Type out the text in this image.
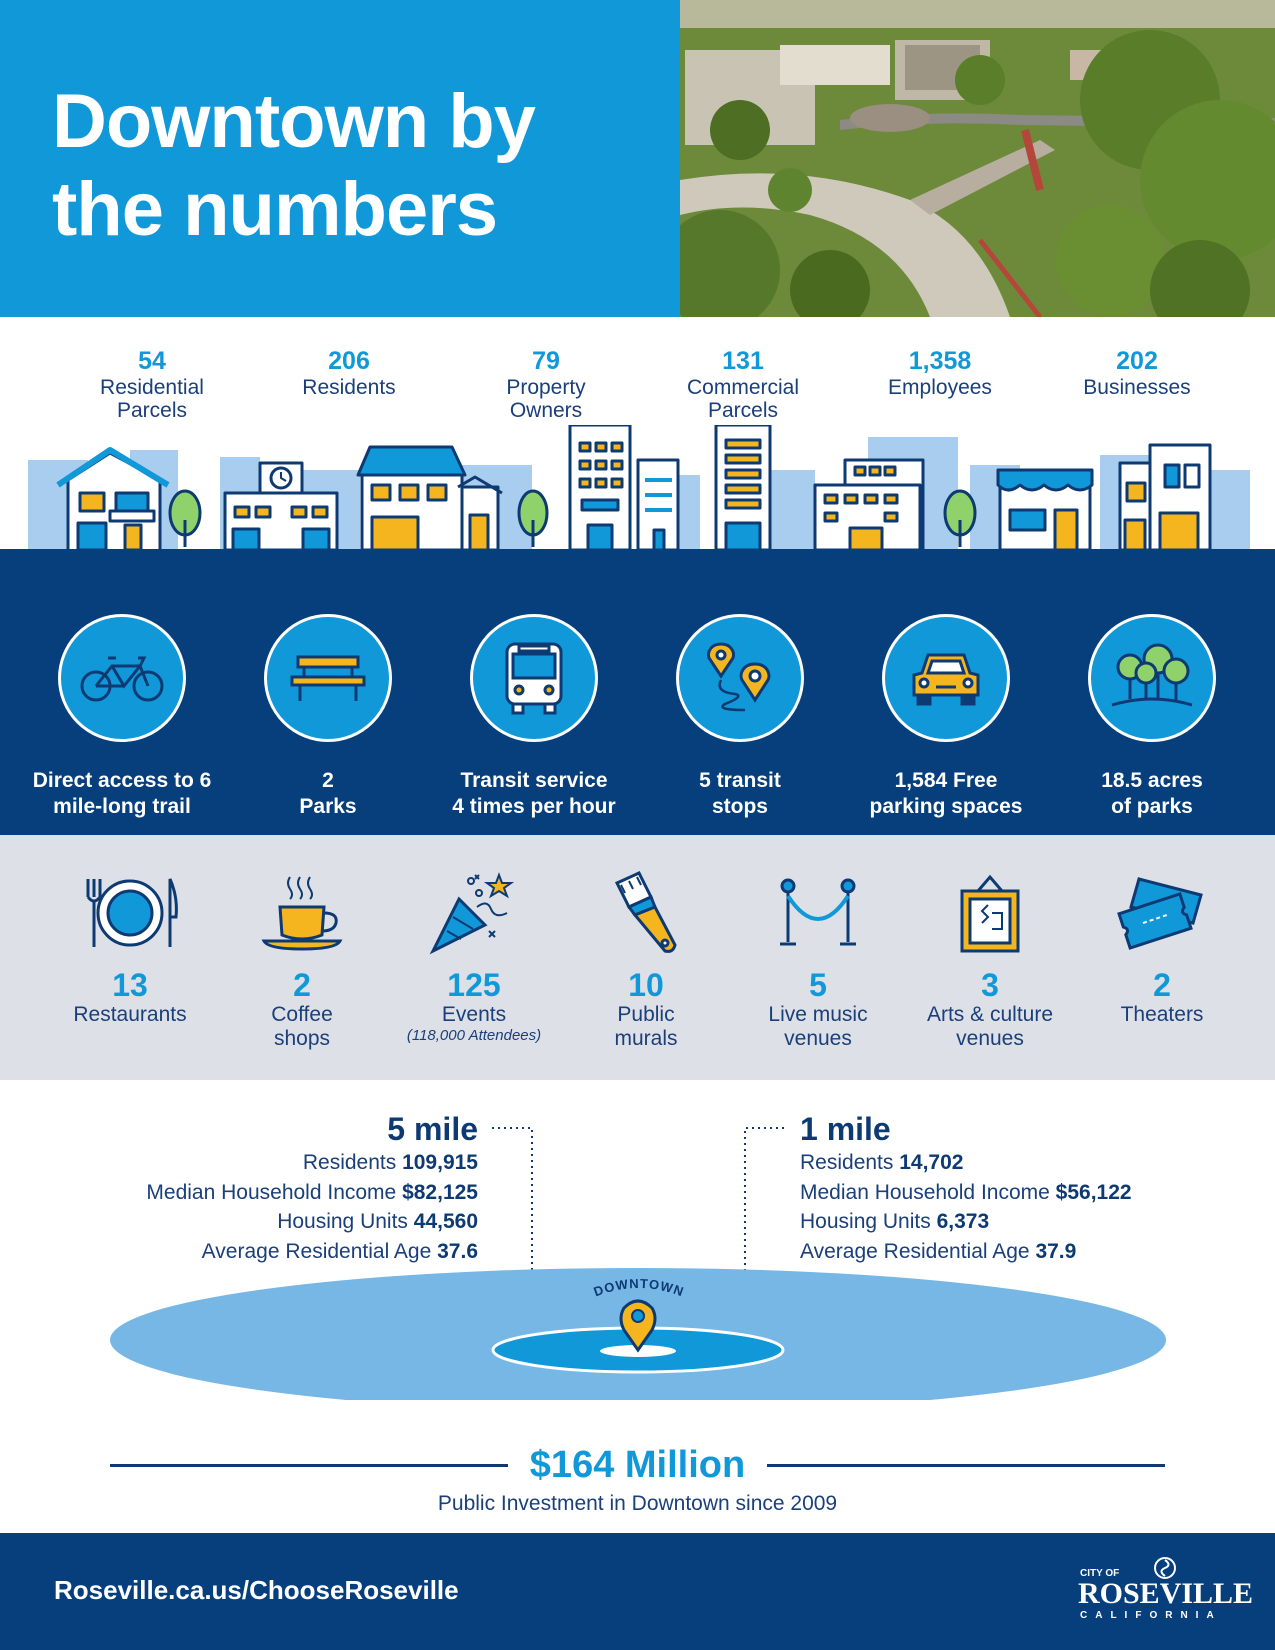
Downtown by
the numbers
54
Residential
Parcels
206
Residents
79
Property
Owners
131
Commercial
Parcels
1,358
Employees
202
Businesses
Direct access to 6
mile-long trail
2
Parks
Transit service
4 times per hour
5 transit
stops
1,584 Free
parking spaces
18.5 acres
of parks
13
Restaurants
2
Coffee
shops
125
Events
(118,000 Attendees)
10
Public
murals
5
Live music
venues
3
Arts & culture
venues
2
Theaters
DOWNTOWN
5 mile
Residents 109,915
Median Household Income $82,125
Housing Units 44,560
Average Residential Age 37.6
1 mile
Residents 14,702
Median Household Income $56,122
Housing Units 6,373
Average Residential Age 37.9
$164 Million
Public Investment in Downtown since 2009
Roseville.ca.us/ChooseRoseville
CITY OF
ROSEVILLE
CALIFORNIA
